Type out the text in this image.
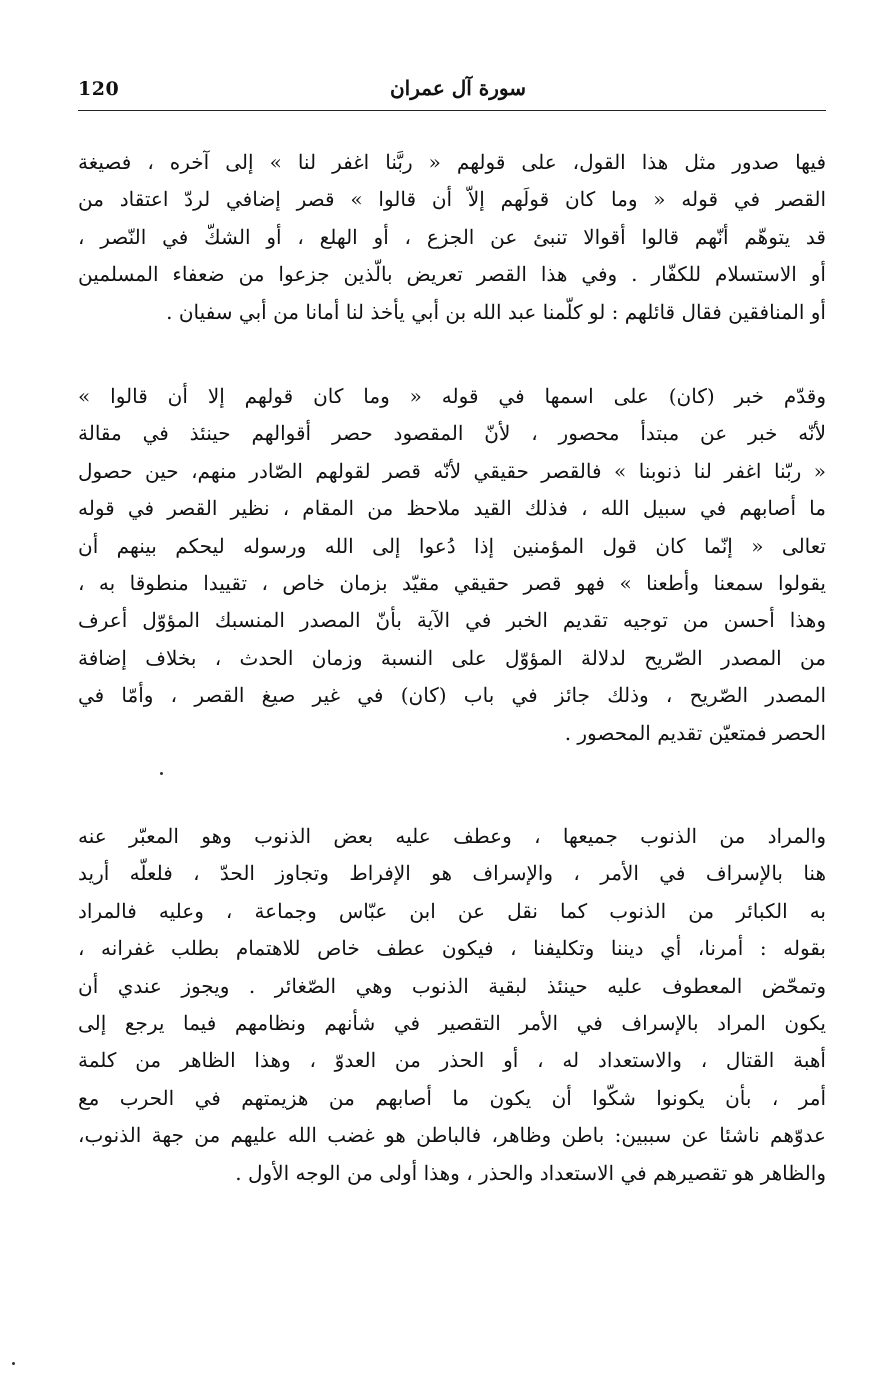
120	سورة آل عمران
فيها صدور مثل هذا القول، على قولهم « ربَّنا اغفر لنا » إلى آخره ، فصيغة
القصر في قوله « وما كان قولَهم إلاّ أن قالوا » قصر إضافي لردّ اعتقاد من
قد يتوهّم أنّهم قالوا أقوالا تنبئ عن الجزع ، أو الهلع ، أو الشكّ في النّصر ،
أو الاستسلام للكفّار . وفي هذا القصر تعريض بالّذين جزعوا من ضعفاء المسلمين
أو المنافقين فقال قائلهم : لو كلّمنا عبد الله بن أبي يأخذ لنا أمانا من أبي سفيان .
وقدّم خبر (كان) على اسمها في قوله « وما كان قولهم إلا أن قالوا »
لأنّه خبر عن مبتدأ محصور ، لأنّ المقصود حصر أقوالهم حينئذ في مقالة
« ربّنا اغفر لنا ذنوبنا » فالقصر حقيقي لأنّه قصر لقولهم الصّادر منهم، حين حصول
ما أصابهم في سبيل الله ، فذلك القيد ملاحظ من المقام ، نظير القصر في قوله
تعالى « إنّما كان قول المؤمنين إذا دُعوا إلى الله ورسوله ليحكم بينهم أن
يقولوا سمعنا وأطعنا » فهو قصر حقيقي مقيّد بزمان خاص ، تقييدا منطوقا به ،
وهذا أحسن من توجيه تقديم الخبر في الآية بأنّ المصدر المنسبك المؤوّل أعرف
من المصدر الصّريح لدلالة المؤوّل على النسبة وزمان الحدث ، بخلاف إضافة
المصدر الصّريح ، وذلك جائز في باب (كان) في غير صيغ القصر ، وأمّا في
الحصر فمتعيّن تقديم المحصور .
والمراد من الذنوب جميعها ، وعطف عليه بعض الذنوب وهو المعبّر عنه
هنا بالإسراف في الأمر ، والإسراف هو الإفراط وتجاوز الحدّ ، فلعلّه أريد
به الكبائر من الذنوب كما نقل عن ابن عبّاس وجماعة ، وعليه فالمراد
بقوله : أمرنا، أي ديننا وتكليفنا ، فيكون عطف خاص للاهتمام بطلب غفرانه ،
وتمحّض المعطوف عليه حينئذ لبقية الذنوب وهي الصّغائر . ويجوز عندي أن
يكون المراد بالإسراف في الأمر التقصير في شأنهم ونظامهم فيما يرجع إلى
أهبة القتال ، والاستعداد له ، أو الحذر من العدوّ ، وهذا الظاهر من كلمة
أمر ، بأن يكونوا شكّوا أن يكون ما أصابهم من هزيمتهم في الحرب مع
عدوّهم ناشئا عن سببين: باطن وظاهر، فالباطن هو غضب الله عليهم من جهة الذنوب،
والظاهر هو تقصيرهم في الاستعداد والحذر ، وهذا أولى من الوجه الأول .
